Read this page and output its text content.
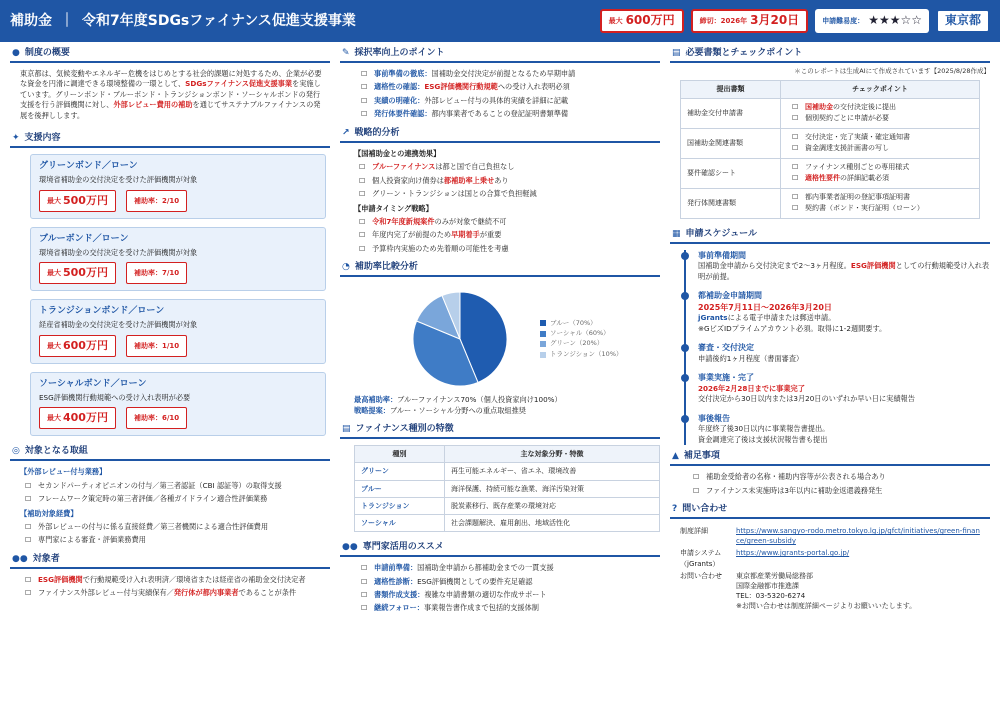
補助金 ｜ 令和7年度SDGsファイナンス促進支援事業	最大 600万円	締切：2026年 3月20日	申請難易度： ★★★☆☆	東京都
● 制度の概要
東京都は、気候変動やエネルギー危機をはじめとする社会的課題に対処するため、企業が必要な資金を円滑に調達できる環境整備の一環として、SDGsファイナンス促進支援事業を実施しています。グリーンボンド・ブルーボンド・トランジションボンド・ソーシャルボンドの発行支援を行う評価機関に対し、外部レビュー費用の補助を通じてサステナブルファイナンスの発展を後押しします。
✦ 支援内容
グリーンボンド／ローン
環境省補助金の交付決定を受けた評価機関が対象
最大 500万円	補助率：2/10
ブルーボンド／ローン
環境省補助金の交付決定を受けた評価機関が対象
最大 500万円	補助率：7/10
トランジションボンド／ローン
経産省補助金の交付決定を受けた評価機関が対象
最大 600万円	補助率：1/10
ソーシャルボンド／ローン
ESG評価機関行動規範への受け入れ表明が必要
最大 400万円	補助率：6/10
◎ 対象となる取組
【外部レビュー付与業務】
☐ セカンドパーティオピニオンの付与／第三者認証（CBI 認証等）の取得支援
☐ フレームワーク策定時の第三者評価／各種ガイドライン適合性評価業務
【補助対象経費】
☐ 外部レビューの付与に係る直接経費／第三者機関による適合性評価費用
☐ 専門家による審査・評価業務費用
●● 対象者
☐ ESG評価機関で行動規範受け入れ表明済／環境省または経産省の補助金交付決定者
☐ ファイナンス外部レビュー付与実績保有／発行体が都内事業者であることが条件
✎ 採択率向上のポイント
☐ 事前準備の徹底：国補助金交付決定が前提となるため早期申請
☐ 適格性の確認：ESG評価機関行動規範への受け入れ表明必須
☐ 実績の明確化：外部レビュー付与の具体的実績を詳細に記載
☐ 発行体要件確認：都内事業者であることの登記証明書類準備
↗ 戦略的分析
【国補助金との連携効果】
☐ ブルーファイナンスは都と国で自己負担なし
☐ 個人投資家向け債券は都補助率上乗せあり
☐ グリーン・トランジションは国との合算で負担軽減
【申請タイミング戦略】
☐ 令和7年度新規案件のみが対象で継続不可
☐ 年度内完了が前提のため早期着手が重要
☐ 予算枠内実施のため先着順の可能性を考慮
◔ 補助率比較分析
ブルー（70%）
ソーシャル（60%）
グリーン（20%）
トランジション（10%）
最高補助率：ブルーファイナンス70%（個人投資家向け100%）
戦略提案：ブルー・ソーシャル分野への重点取組推奨
▤ ファイナンス種別の特徴
種別	主な対象分野・特徴
グリーン	再生可能エネルギー、省エネ、環境改善
ブルー	海洋保護、持続可能な漁業、海洋汚染対策
トランジション	脱炭素移行、既存産業の環境対応
ソーシャル	社会課題解決、雇用創出、地域活性化
●● 専門家活用のススメ
☐ 申請前準備：国補助金申請から都補助金までの一貫支援
☐ 適格性診断：ESG評価機関としての要件充足確認
☐ 書類作成支援：複雑な申請書類の適切な作成サポート
☐ 継続フォロー：事業報告書作成まで包括的支援体制
▤ 必要書類とチェックポイント
＊このレポートは生成AIにて作成されています【2025/8/28作成】
提出書類	チェックポイント
補助金交付申請書	☐ 国補助金の交付決定後に提出
☐ 個別契約ごとに申請が必要

国補助金関連書類	☐ 交付決定・完了実績・確定通知書
☐ 資金調達支援計画書の写し

要件確認シート	☐ ファイナンス種別ごとの専用様式
☐ 適格性要件の詳細記載必須

発行体関連書類	☐ 都内事業者証明の登記事項証明書
☐ 契約書（ボンド・実行証明（ローン）
▦ 申請スケジュール
事前準備期間
国補助金申請から交付決定まで2〜3ヶ月程度。ESG評価機関としての行動規範受け入れ表明が前提。
都補助金申請期間
2025年7月11日〜2026年3月20日
jGrantsによる電子申請または郵送申請。
※GビズIDプライムアカウント必須。取得に1-2週間要す。
審査・交付決定
申請後約1ヶ月程度（書面審査）
事業実施・完了
2026年2月28日までに事業完了
交付決定から30日以内または3月20日のいずれか早い日に実績報告
事後報告
年度終了後30日以内に事業報告書提出。
資金調達完了後は支援状況報告書も提出
▲ 補足事項
☐ 補助金受給者の名称・補助内容等が公表される場合あり
☐ ファイナンス未実施時は3年以内に補助金返還義務発生
? 問い合わせ
制度詳細	https://www.sangyo-rodo.metro.tokyo.lg.jp/gfct/initiatives/green-finance/green-subsidy
申請システム（jGrants）	https://www.jgrants-portal.go.jp/
お問い合わせ	東京都産業労働局総務部
国際金融都市推進課
TEL：03-5320-6274
※お問い合わせは制度詳細ページよりお願いいたします。
